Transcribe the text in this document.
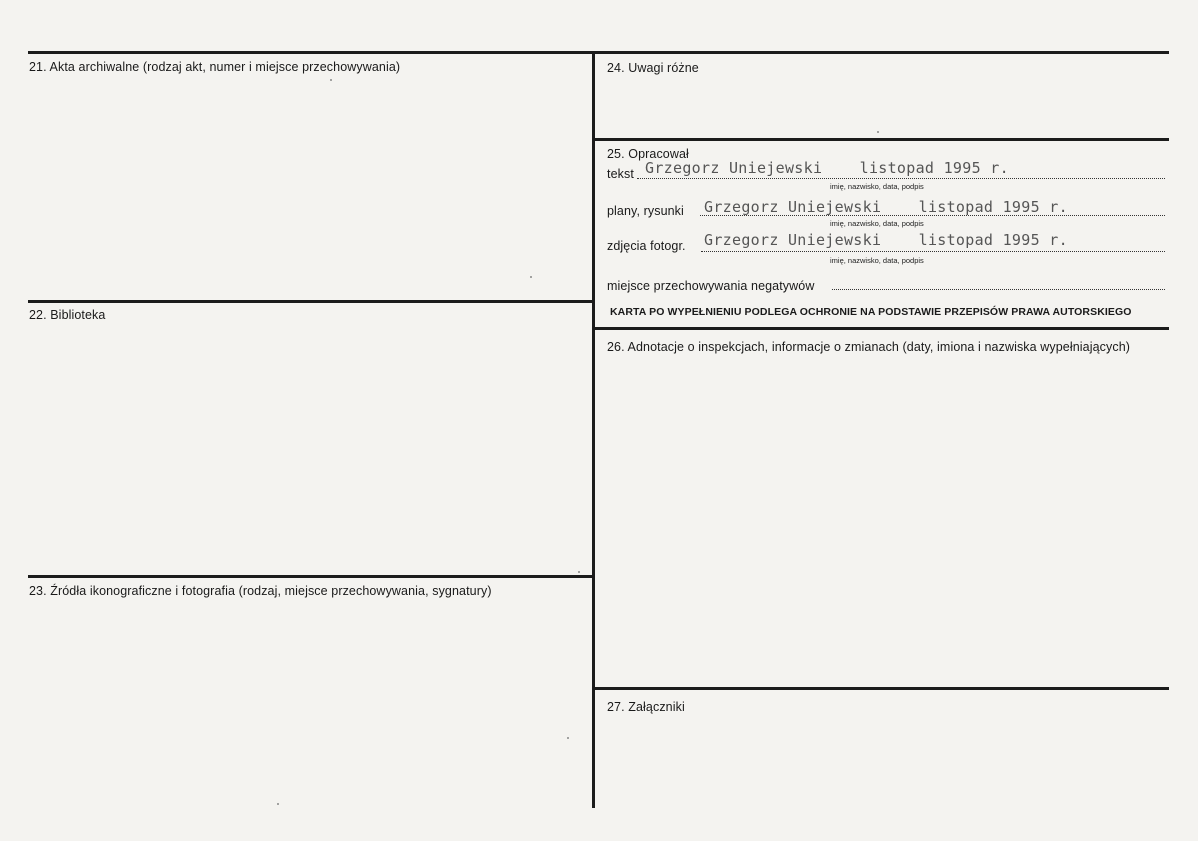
21. Akta archiwalne (rodzaj akt, numer i miejsce przechowywania)
22. Biblioteka
23. Źródła ikonograficzne i fotografia (rodzaj, miejsce przechowywania, sygnatury)
24. Uwagi różne
25. Opracował
tekst Grzegorz Uniejewski    listopad 1995 r.
imię, nazwisko, data, podpis
plany, rysunki Grzegorz Uniejewski    listopad 1995 r.
imię, nazwisko, data, podpis
zdjęcia fotogr. Grzegorz Uniejewski    listopad 1995 r.
imię, nazwisko, data, podpis
miejsce przechowywania negatywów
KARTA PO WYPEŁNIENIU PODLEGA OCHRONIE NA PODSTAWIE PRZEPISÓW PRAWA AUTORSKIEGO
26. Adnotacje o inspekcjach, informacje o zmianach (daty, imiona i nazwiska wypełniających)
27. Załączniki
